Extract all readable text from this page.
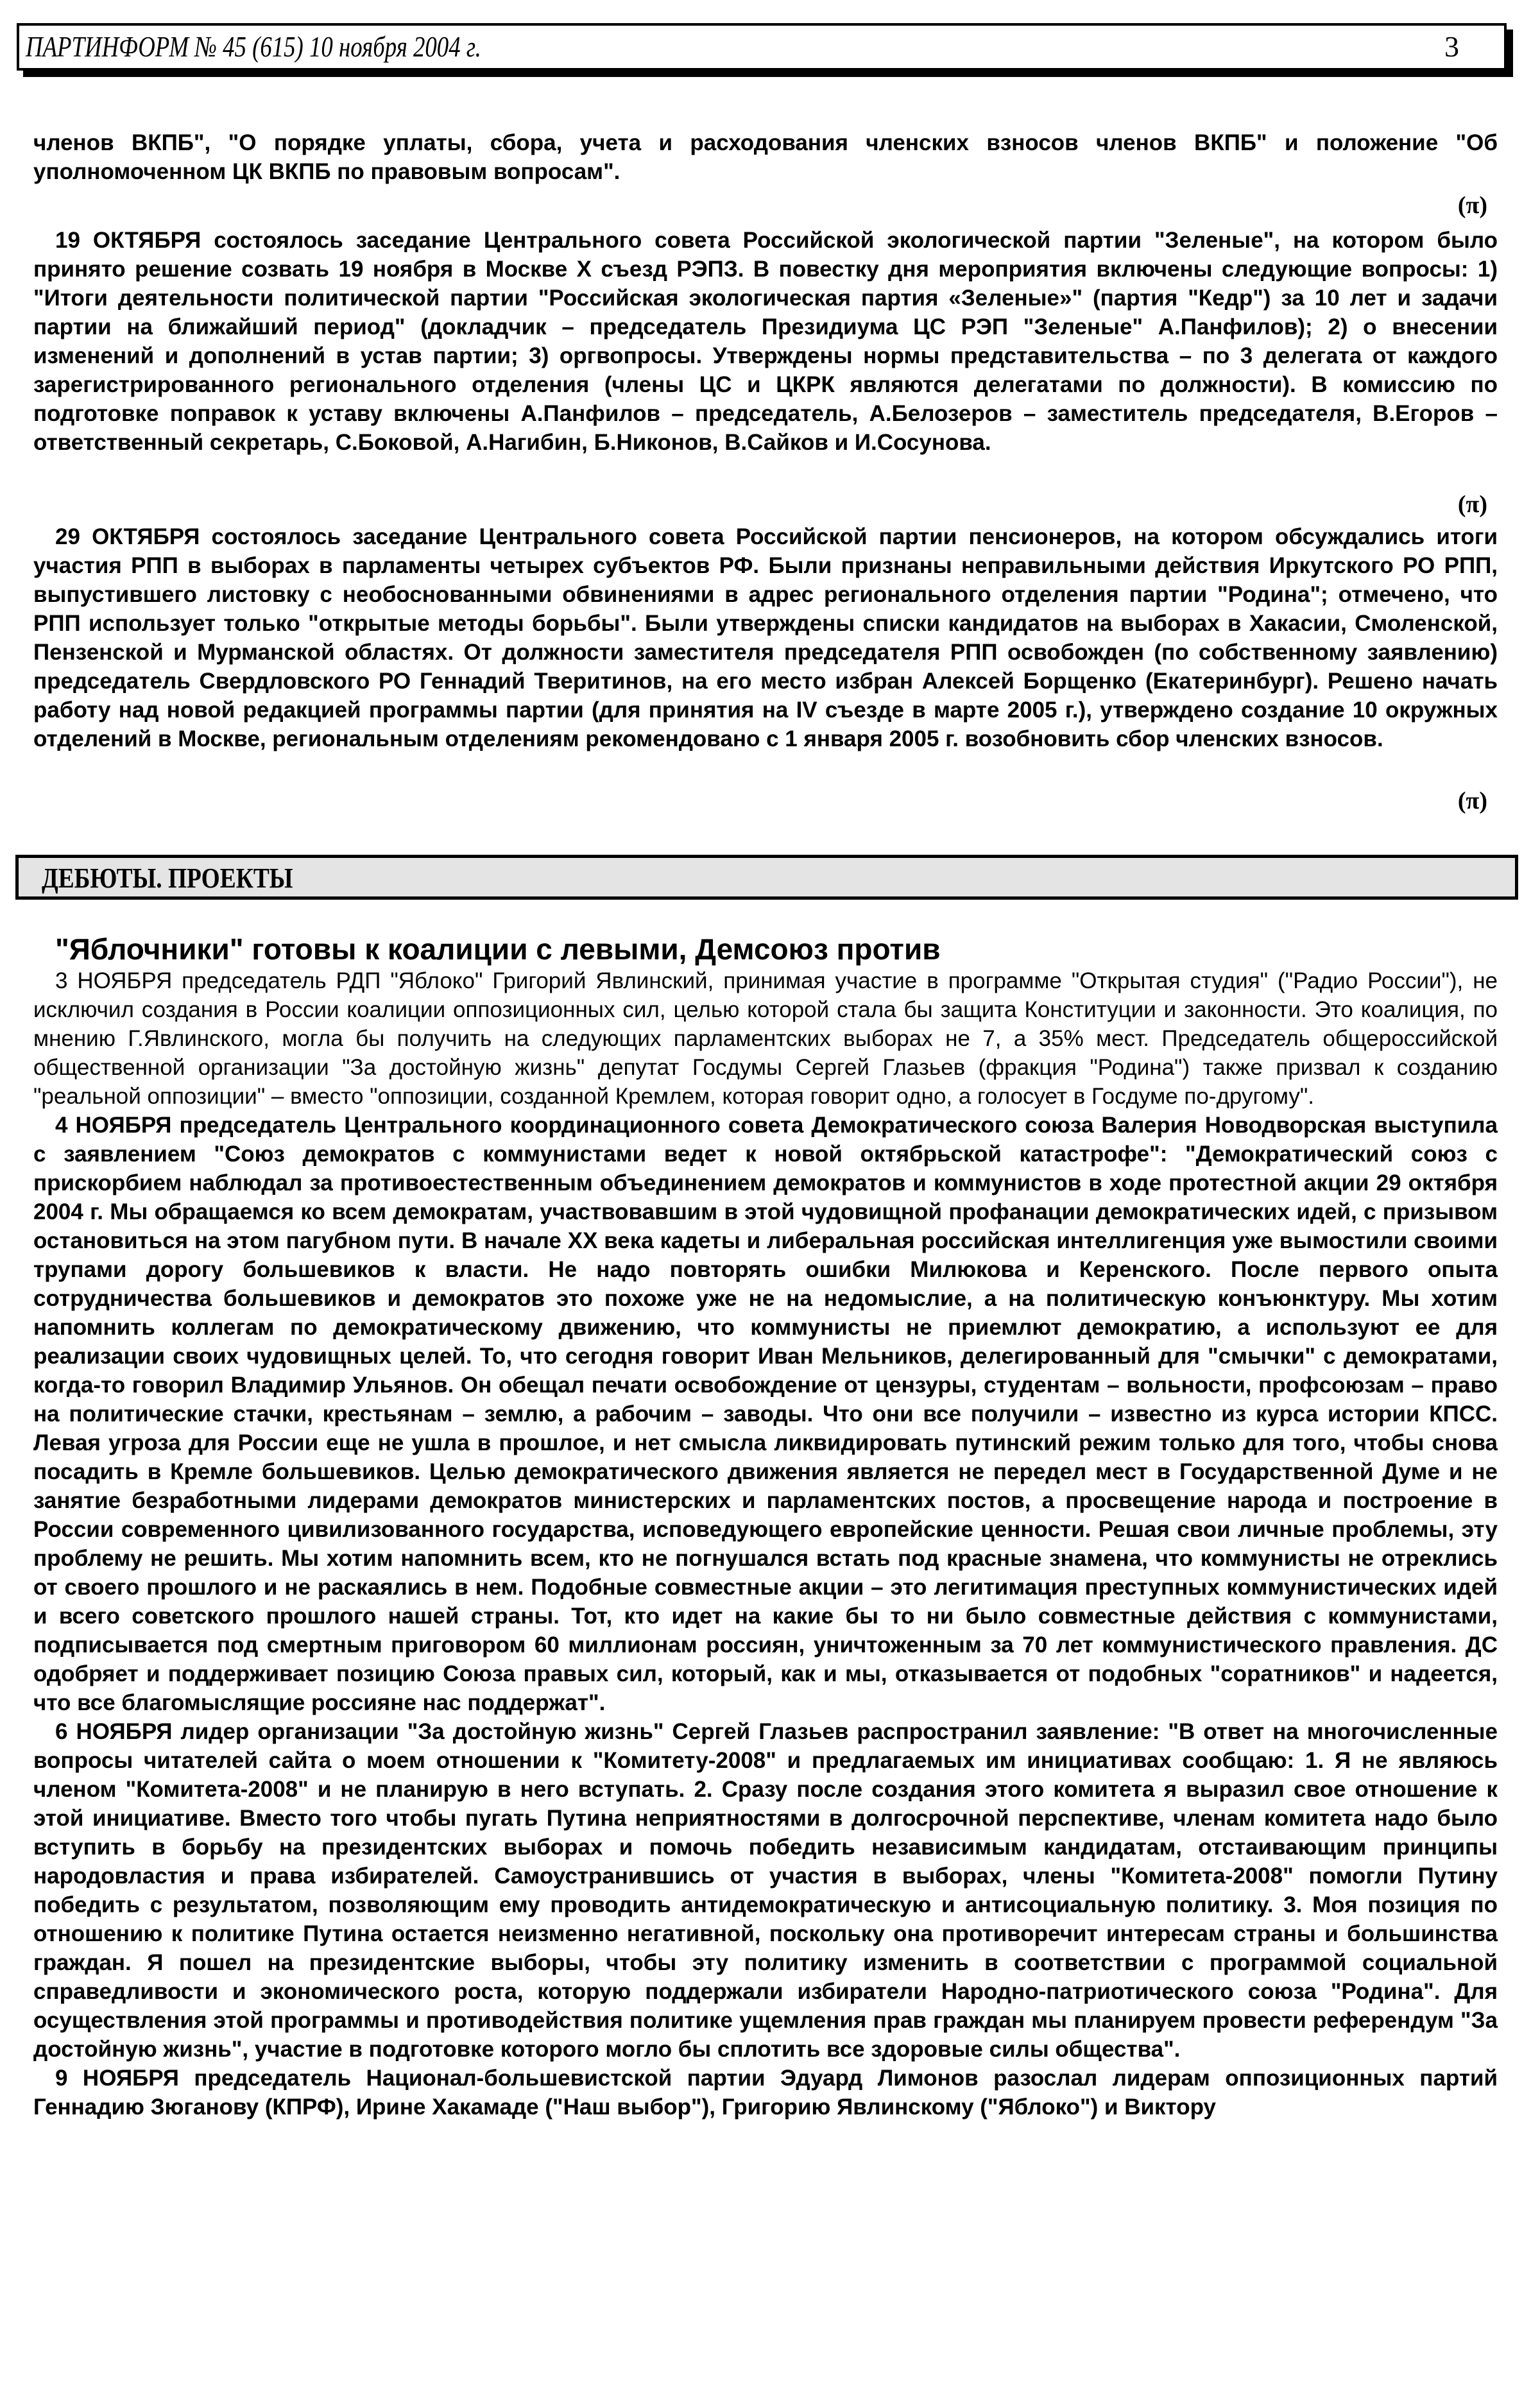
ПАРТИНФОРМ № 45 (615) 10 ноября 2004 г.	3

членов ВКПБ", "О порядке уплаты, сбора, учета и расходования членских взносов членов ВКПБ" и положение "Об уполномоченном ЦК ВКПБ по правовым вопросам".

(π)

19 ОКТЯБРЯ состоялось заседание Центрального совета Российской экологической партии "Зеленые", на котором было принято решение созвать 19 ноября в Москве X съезд РЭПЗ. В повестку дня мероприятия включены следующие вопросы: 1) "Итоги деятельности политической партии "Российская экологическая партия «Зеленые»" (партия "Кедр") за 10 лет и задачи партии на ближайший период" (докладчик – председатель Президиума ЦС РЭП "Зеленые" А.Панфилов); 2) о внесении изменений и дополнений в устав партии; 3) оргвопросы. Утверждены нормы представительства – по 3 делегата от каждого зарегистрированного регионального отделения (члены ЦС и ЦКРК являются делегатами по должности). В комиссию по подготовке поправок к уставу включены А.Панфилов – председатель, А.Белозеров – заместитель председателя, В.Егоров – ответственный секретарь, С.Боковой, А.Нагибин, Б.Никонов, В.Сайков и И.Сосунова.

(π)

29 ОКТЯБРЯ состоялось заседание Центрального совета Российской партии пенсионеров, на котором обсуждались итоги участия РПП в выборах в парламенты четырех субъектов РФ. Были признаны неправильными действия Иркутского РО РПП, выпустившего листовку с необоснованными обвинениями в адрес регионального отделения партии "Родина"; отмечено, что РПП использует только "открытые методы борьбы". Были утверждены списки кандидатов на выборах в Хакасии, Смоленской, Пензенской и Мурманской областях. От должности заместителя председателя РПП освобожден (по собственному заявлению) председатель Свердловского РО Геннадий Тверитинов, на его место избран Алексей Борщенко (Екатеринбург). Решено начать работу над новой редакцией программы партии (для принятия на IV съезде в марте 2005 г.), утверждено создание 10 окружных отделений в Москве, региональным отделениям рекомендовано с 1 января 2005 г. возобновить сбор членских взносов.

(π)
ДЕБЮТЫ. ПРОЕКТЫ
"Яблочники" готовы к коалиции с левыми, Демсоюз против

3 НОЯБРЯ председатель РДП "Яблоко" Григорий Явлинский, принимая участие в программе "Открытая студия" ("Радио России"), не исключил создания в России коалиции оппозиционных сил, целью которой стала бы защита Конституции и законности. Это коалиция, по мнению Г.Явлинского, могла бы получить на следующих парламентских выборах не 7, а 35% мест. Председатель общероссийской общественной организации "За достойную жизнь" депутат Госдумы Сергей Глазьев (фракция "Родина") также призвал к созданию "реальной оппозиции" – вместо "оппозиции, созданной Кремлем, которая говорит одно, а голосует в Госдуме по-другому".

4 НОЯБРЯ председатель Центрального координационного совета Демократического союза Валерия Новодворская выступила с заявлением "Союз демократов с коммунистами ведет к новой октябрьской катастрофе": "Демократический союз с прискорбием наблюдал за противоестественным объединением демократов и коммунистов в ходе протестной акции 29 октября 2004 г. Мы обращаемся ко всем демократам, участвовавшим в этой чудовищной профанации демократических идей, с призывом остановиться на этом пагубном пути. В начале XX века кадеты и либеральная российская интеллигенция уже вымостили своими трупами дорогу большевиков к власти. Не надо повторять ошибки Милюкова и Керенского. После первого опыта сотрудничества большевиков и демократов это похоже уже не на недомыслие, а на политическую конъюнктуру. Мы хотим напомнить коллегам по демократическому движению, что коммунисты не приемлют демократию, а используют ее для реализации своих чудовищных целей. То, что сегодня говорит Иван Мельников, делегированный для "смычки" с демократами, когда-то говорил Владимир Ульянов. Он обещал печати освобождение от цензуры, студентам – вольности, профсоюзам – право на политические стачки, крестьянам – землю, а рабочим – заводы. Что они все получили – известно из курса истории КПСС. Левая угроза для России еще не ушла в прошлое, и нет смысла ликвидировать путинский режим только для того, чтобы снова посадить в Кремле большевиков. Целью демократического движения является не передел мест в Государственной Думе и не занятие безработными лидерами демократов министерских и парламентских постов, а просвещение народа и построение в России современного цивилизованного государства, исповедующего европейские ценности. Решая свои личные проблемы, эту проблему не решить. Мы хотим напомнить всем, кто не погнушался встать под красные знамена, что коммунисты не отреклись от своего прошлого и не раскаялись в нем. Подобные совместные акции – это легитимация преступных коммунистических идей и всего советского прошлого нашей страны. Тот, кто идет на какие бы то ни было совместные действия с коммунистами, подписывается под смертным приговором 60 миллионам россиян, уничтоженным за 70 лет коммунистического правления. ДС одобряет и поддерживает позицию Союза правых сил, который, как и мы, отказывается от подобных "соратников" и надеется, что все благомыслящие россияне нас поддержат".

6 НОЯБРЯ лидер организации "За достойную жизнь" Сергей Глазьев распространил заявление: "В ответ на многочисленные вопросы читателей сайта о моем отношении к "Комитету-2008" и предлагаемых им инициативах сообщаю: 1. Я не являюсь членом "Комитета-2008" и не планирую в него вступать. 2. Сразу после создания этого комитета я выразил свое отношение к этой инициативе. Вместо того чтобы пугать Путина неприятностями в долгосрочной перспективе, членам комитета надо было вступить в борьбу на президентских выборах и помочь победить независимым кандидатам, отстаивающим принципы народовластия и права избирателей. Самоустранившись от участия в выборах, члены "Комитета-2008" помогли Путину победить с результатом, позволяющим ему проводить антидемократическую и антисоциальную политику. 3. Моя позиция по отношению к политике Путина остается неизменно негативной, поскольку она противоречит интересам страны и большинства граждан. Я пошел на президентские выборы, чтобы эту политику изменить в соответствии с программой социальной справедливости и экономического роста, которую поддержали избиратели Народно-патриотического союза "Родина". Для осуществления этой программы и противодействия политике ущемления прав граждан мы планируем провести референдум "За достойную жизнь", участие в подготовке которого могло бы сплотить все здоровые силы общества".

9 НОЯБРЯ председатель Национал-большевистской партии Эдуард Лимонов разослал лидерам оппозиционных партий Геннадию Зюганову (КПРФ), Ирине Хакамаде ("Наш выбор"), Григорию Явлинскому ("Яблоко") и Виктору
